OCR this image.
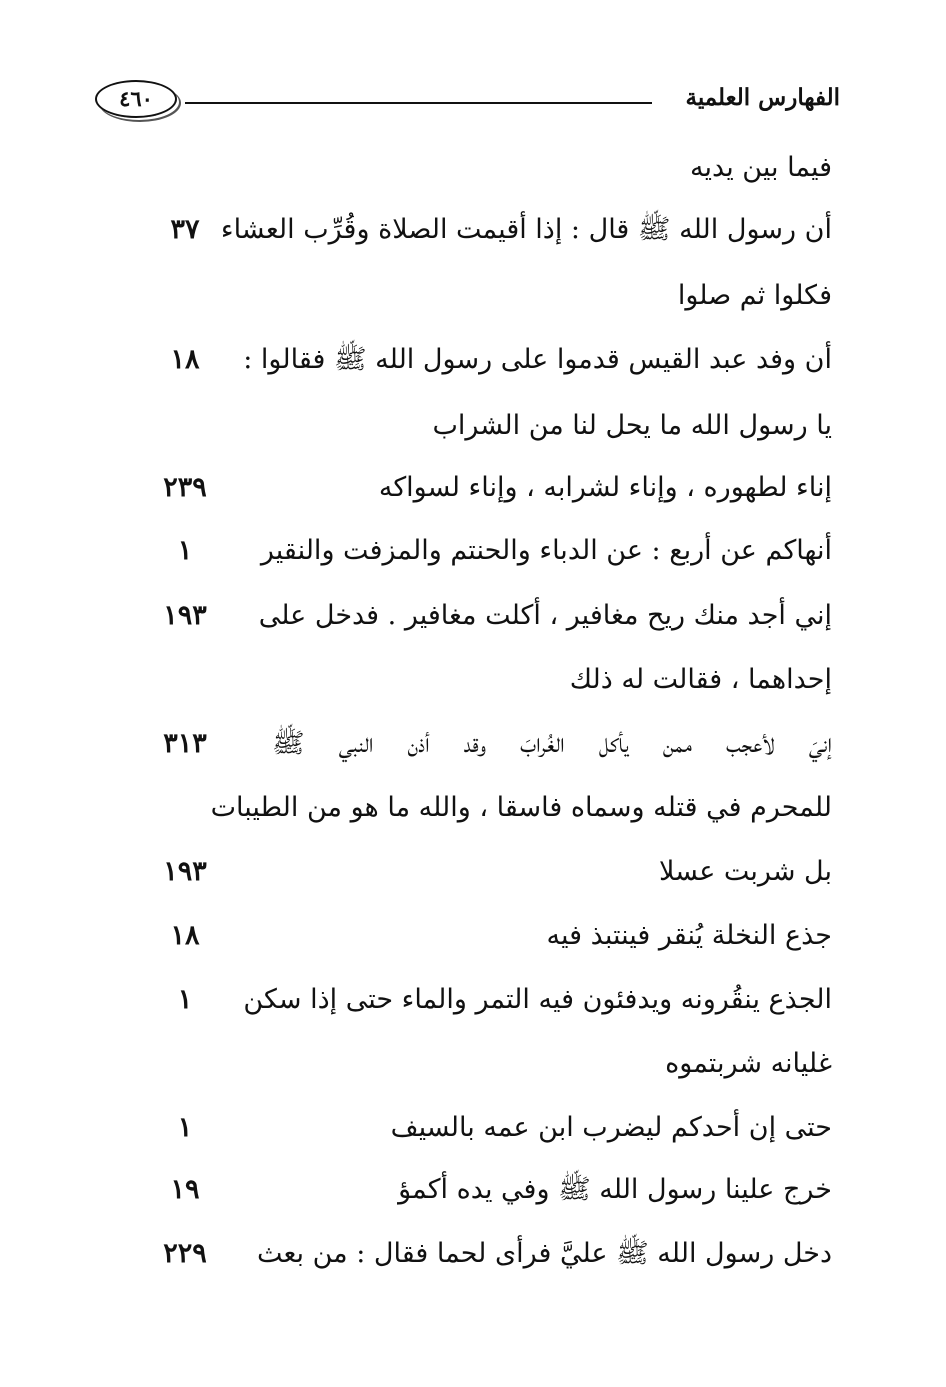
٤٦٠	الفهارس العلمية
فيما بين يديه
أن رسول الله ﷺ قال : إذا أقيمت الصلاة وقُرِّب العشاء
٣٧
فكلوا ثم صلوا
أن وفد عبد القيس قدموا على رسول الله ﷺ فقالوا :
١٨
يا رسول الله ما يحل لنا من الشراب
إناء لطهوره ، وإناء لشرابه ، وإناء لسواكه
٢٣٩
أنهاكم عن أربع : عن الدباء والحنتم والمزفت والنقير
١
إني أجد منك ريح مغافير ، أكلت مغافير . فدخل على
١٩٣
إحداهما ، فقالت له ذلك
إنيَ لأعجب ممن يأكل الغُرابَ وقد أذن النبي ﷺ
٣١٣
للمحرم في قتله وسماه فاسقا ، والله ما هو من الطيبات
بل شربت عسلا
١٩٣
جذع النخلة يُنقر فينتبذ فيه
١٨
الجذع ينقُرونه ويدفئون فيه التمر والماء حتى إذا سكن
١
غليانه شربتموه
حتى إن أحدكم ليضرب ابن عمه بالسيف
١
خرج علينا رسول الله ﷺ وفي يده أكمؤ
١٩
دخل رسول الله ﷺ عليَّ فرأى لحما فقال : من بعث
٢٢٩
